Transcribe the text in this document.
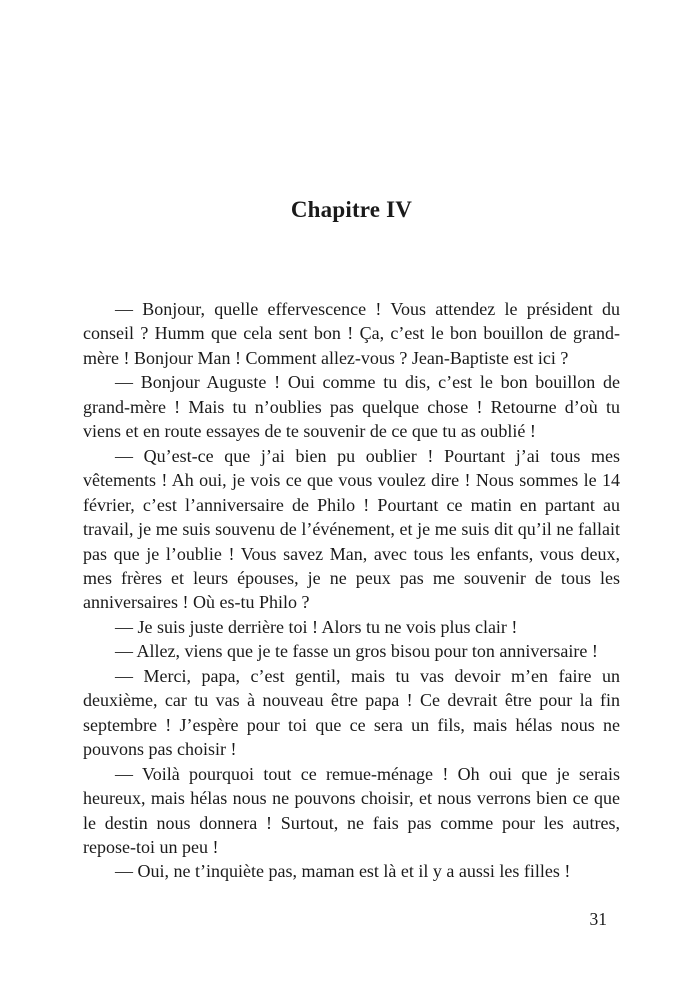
Chapitre IV

— Bonjour, quelle effervescence ! Vous attendez le président du conseil ? Humm que cela sent bon ! Ça, c’est le bon bouillon de grand-mère ! Bonjour Man ! Comment allez-vous ? Jean-Baptiste est ici ?

— Bonjour Auguste ! Oui comme tu dis, c’est le bon bouillon de grand-mère ! Mais tu n’oublies pas quelque chose ! Retourne d’où tu viens et en route essayes de te souvenir de ce que tu as oublié !

— Qu’est-ce que j’ai bien pu oublier ! Pourtant j’ai tous mes vêtements ! Ah oui, je vois ce que vous voulez dire ! Nous sommes le 14 février, c’est l’anniversaire de Philo ! Pourtant ce matin en partant au travail, je me suis souvenu de l’événement, et je me suis dit qu’il ne fallait pas que je l’oublie ! Vous savez Man, avec tous les enfants, vous deux, mes frères et leurs épouses, je ne peux pas me souvenir de tous les anniversaires ! Où es-tu Philo ?

— Je suis juste derrière toi ! Alors tu ne vois plus clair !

— Allez, viens que je te fasse un gros bisou pour ton anniversaire !

— Merci, papa, c’est gentil, mais tu vas devoir m’en faire un deuxième, car tu vas à nouveau être papa ! Ce devrait être pour la fin septembre ! J’espère pour toi que ce sera un fils, mais hélas nous ne pouvons pas choisir !

— Voilà pourquoi tout ce remue-ménage ! Oh oui que je serais heureux, mais hélas nous ne pouvons choisir, et nous verrons bien ce que le destin nous donnera ! Surtout, ne fais pas comme pour les autres, repose-toi un peu !

— Oui, ne t’inquiète pas, maman est là et il y a aussi les filles !

31
